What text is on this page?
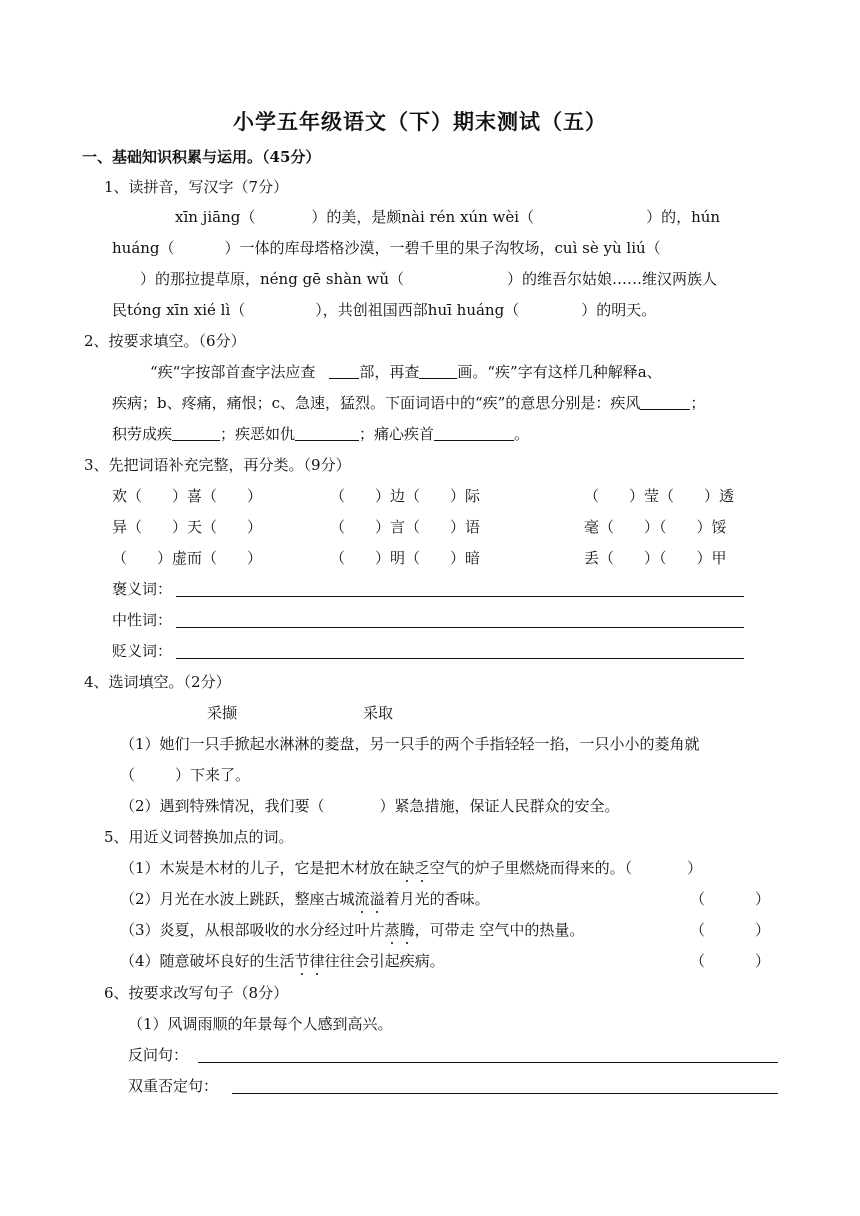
小学五年级语文（下）期末测试（五）
一、基础知识积累与运用。（45分）
1、读拼音，写汉字（7分）
xīn jiāng（	）的美，是颇nài rén xún wèi（	）的，hún
huáng（	）一体的库母塔格沙漠，一碧千里的果子沟牧场，cuì sè yù liú（
）的那拉提草原，néng gē shàn wǔ（	）的维吾尔姑娘……维汉两族人
民tóng xīn xié lì（	），共创祖国西部huī huáng（	）的明天。
2、按要求填空。（6分）
“疾“字按部首查字法应查	部，再查	画。“疾”字有这样几种解释a、
疾病；b、疼痛，痛恨；c、急速，猛烈。下面词语中的“疾”的意思分别是：疾风	；
积劳成疾	；疾恶如仇	；痛心疾首	。
3、先把词语补充完整，再分类。（9分）
欢（　　）喜（　　）	（　　）边（　　）际	（　　）莹（　　）透
异（　　）天（　　）	（　　）言（　　）语	毫（　　）（　　）馁
（　　）虚而（　　）	（　　）明（　　）暗	丢（　　）（　　）甲
褒义词：
中性词：
贬义词：
4、选词填空。（2分）
采撷	采取
（1）她们一只手掀起水淋淋的菱盘，另一只手的两个手指轻轻一掐，一只小小的菱角就
（	）下来了。
（2）遇到特殊情况，我们要（	）紧急措施，保证人民群众的安全。
5、用近义词替换加点的词。
（1）木炭是木材的儿子，它是把木材放在缺乏空气的炉子里燃烧而得来的。（	）
（2）月光在水波上跳跃，整座古城流溢着月光的香味。	（	）
（3）炎夏，从根部吸收的水分经过叶片蒸腾，可带走 空气中的热量。	（	）
（4）随意破坏良好的生活节律往往会引起疾病。	（	）
6、按要求改写句子（8分）
（1）风调雨顺的年景每个人感到高兴。
反问句：
双重否定句：
